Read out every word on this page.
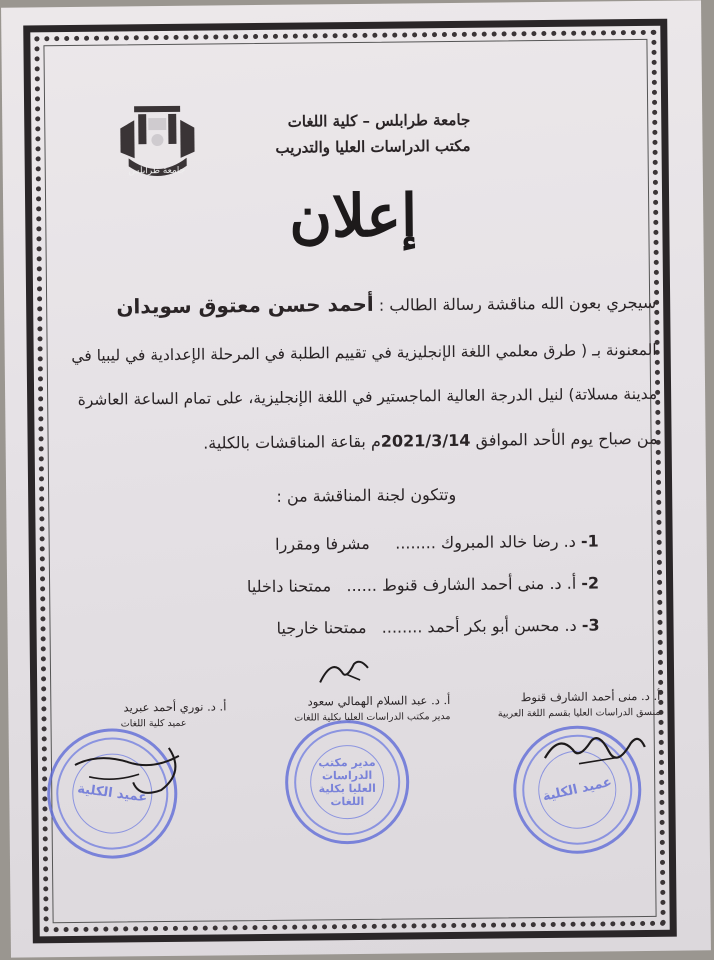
جامعة طرابلس – كلية اللغات
مكتب الدراسات العليا والتدريب
جامعة طرابلس
إعلان
سيجري بعون الله مناقشة رسالة الطالب : أحمد حسن معتوق سويدان
المعنونة بـ ( طرق معلمي اللغة الإنجليزية في تقييم الطلبة في المرحلة الإعدادية في ليبيا في
مدينة مسلاتة) لنيل الدرجة العالية الماجستير في اللغة الإنجليزية، على تمام الساعة العاشرة
من صباح يوم الأحد الموافق 2021/3/14م بقاعة المناقشات بالكلية.
وتتكون لجنة المناقشة من :
1- د. رضا خالد المبروك ........     مشرفا ومقررا
2- أ. د. منى أحمد الشارف قنوط ......   ممتحنا داخليا
3- د. محسن أبو بكر أحمد ........   ممتحنا خارجيا
أ. د. منى أحمد الشارف قنوط
منسق الدراسات العليا بقسم اللغة العربية
أ. د. عبد السلام الهمالي سعود
مدير مكتب الدراسات العليا بكلية اللغات
أ. د. نوري أحمد عبريد
عميد كلية اللغات
عميد الكلية
مدير مكتب الدراسات العليا بكلية اللغات
عميد الكلية
